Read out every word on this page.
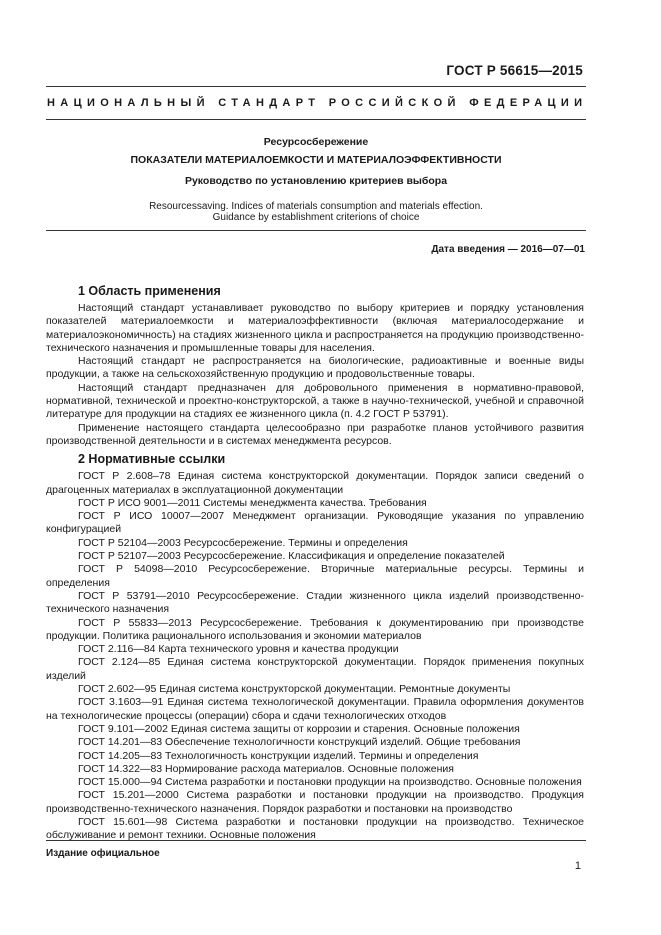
ГОСТ Р 56615—2015
НАЦИОНАЛЬНЫЙ СТАНДАРТ РОССИЙСКОЙ ФЕДЕРАЦИИ
Ресурсосбережение
ПОКАЗАТЕЛИ МАТЕРИАЛОЕМКОСТИ И МАТЕРИАЛОЭФФЕКТИВНОСТИ
Руководство по установлению критериев выбора
Resourcessaving. Indices of materials consumption and materials effection.
Guidance by establishment criterions of choice
Дата введения — 2016—07—01
1 Область применения

Настоящий стандарт устанавливает руководство по выбору критериев и порядку установления показателей материалоемкости и материалоэффективности (включая материалосодержание и материалоэкономичность) на стадиях жизненного цикла и распространяется на продукцию производственно-технического назначения и промышленные товары для населения.

Настоящий стандарт не распространяется на биологические, радиоактивные и военные виды продукции, а также на сельскохозяйственную продукцию и продовольственные товары.

Настоящий стандарт предназначен для добровольного применения в нормативно-правовой, нормативной, технической и проектно-конструкторской, а также в научно-технической, учебной и справочной литературе для продукции на стадиях ее жизненного цикла (п. 4.2 ГОСТ Р 53791).

Применение настоящего стандарта целесообразно при разработке планов устойчивого развития производственной деятельности и в системах менеджмента ресурсов.

2 Нормативные ссылки

ГОСТ Р 2.608–78 Единая система конструкторской документации. Порядок записи сведений о драгоценных материалах в эксплуатационной документации

ГОСТ Р ИСО 9001—2011 Системы менеджмента качества. Требования

ГОСТ Р ИСО 10007—2007 Менеджмент организации. Руководящие указания по управлению конфигурацией

ГОСТ Р 52104—2003 Ресурсосбережение. Термины и определения

ГОСТ Р 52107—2003 Ресурсосбережение. Классификация и определение показателей

ГОСТ Р 54098—2010 Ресурсосбережение. Вторичные материальные ресурсы. Термины и определения

ГОСТ Р 53791—2010 Ресурсосбережение. Стадии жизненного цикла изделий производственно-технического назначения

ГОСТ Р 55833—2013 Ресурсосбережение. Требования к документированию при производстве продукции. Политика рационального использования и экономии материалов

ГОСТ 2.116—84 Карта технического уровня и качества продукции

ГОСТ 2.124—85 Единая система конструкторской документации. Порядок применения покупных изделий

ГОСТ 2.602—95 Единая система конструкторской документации. Ремонтные документы

ГОСТ 3.1603—91 Единая система технологической документации. Правила оформления документов на технологические процессы (операции) сбора и сдачи технологических отходов

ГОСТ 9.101—2002 Единая система защиты от коррозии и старения. Основные положения

ГОСТ 14.201—83 Обеспечение технологичности конструкций изделий. Общие требования

ГОСТ 14.205—83 Технологичность конструкции изделий. Термины и определения

ГОСТ 14.322—83 Нормирование расхода материалов. Основные положения

ГОСТ 15.000—94 Система разработки и постановки продукции на производство. Основные положения

ГОСТ 15.201—2000 Система разработки и постановки продукции на производство. Продукция производственно-технического назначения. Порядок разработки и постановки на производство

ГОСТ 15.601—98 Система разработки и постановки продукции на производство. Техническое обслуживание и ремонт техники. Основные положения

Издание официальное
1
